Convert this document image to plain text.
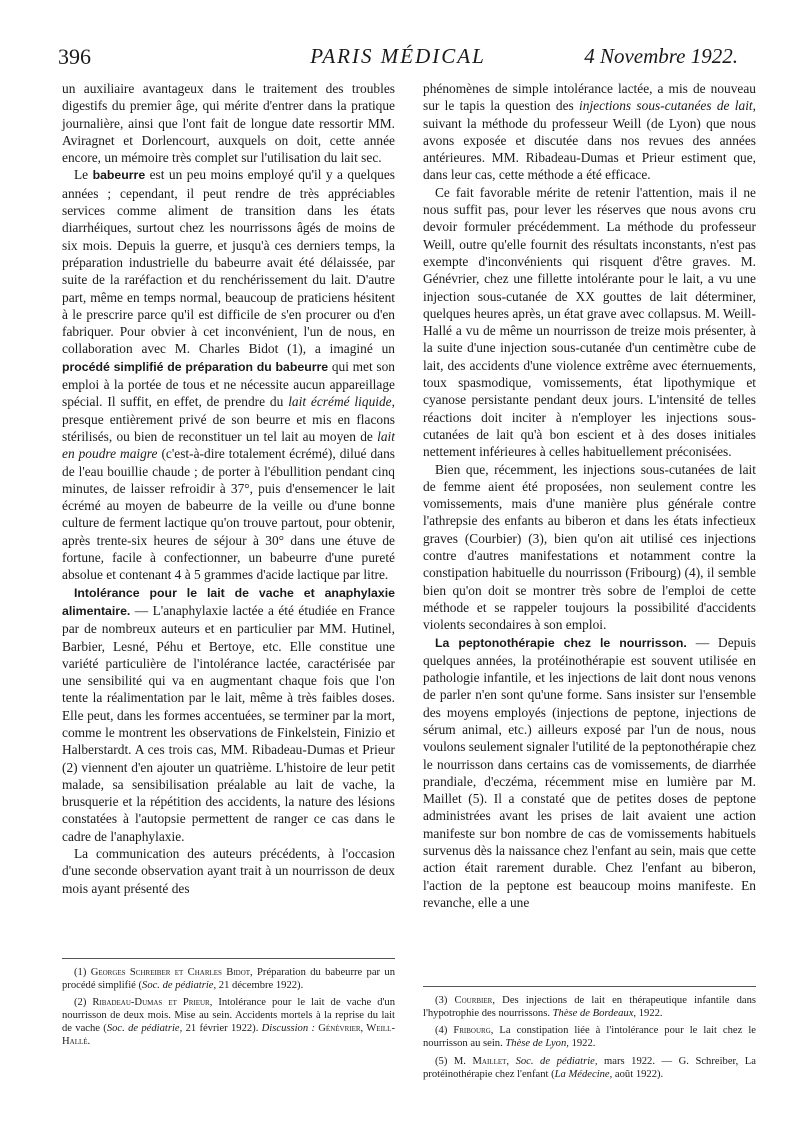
396	PARIS MÉDICAL	4 Novembre 1922.

un auxiliaire avantageux dans le traitement des troubles digestifs du premier âge, qui mérite d'entrer dans la pratique journalière, ainsi que l'ont fait de longue date ressortir MM. Aviragnet et Dorlencourt, auxquels on doit, cette année encore, un mémoire très complet sur l'utilisation du lait sec.

Le babeurre est un peu moins employé qu'il y a quelques années ; cependant, il peut rendre de très appréciables services comme aliment de transition dans les états diarrhéiques, surtout chez les nourrissons âgés de moins de six mois. Depuis la guerre, et jusqu'à ces derniers temps, la préparation industrielle du babeurre avait été délaissée, par suite de la raréfaction et du renchérissement du lait. D'autre part, même en temps normal, beaucoup de praticiens hésitent à le prescrire parce qu'il est difficile de s'en procurer ou d'en fabriquer. Pour obvier à cet inconvénient, l'un de nous, en collaboration avec M. Charles Bidot (1), a imaginé un procédé simplifié de préparation du babeurre qui met son emploi à la portée de tous et ne nécessite aucun appareillage spécial. Il suffit, en effet, de prendre du lait écrémé liquide, presque entièrement privé de son beurre et mis en flacons stérilisés, ou bien de reconstituer un tel lait au moyen de lait en poudre maigre (c'est-à-dire totalement écrémé), dilué dans de l'eau bouillie chaude ; de porter à l'ébullition pendant cinq minutes, de laisser refroidir à 37°, puis d'ensemencer le lait écrémé au moyen de babeurre de la veille ou d'une bonne culture de ferment lactique qu'on trouve partout, pour obtenir, après trente-six heures de séjour à 30° dans une étuve de fortune, facile à confectionner, un babeurre d'une pureté absolue et contenant 4 à 5 grammes d'acide lactique par litre.

Intolérance pour le lait de vache et anaphylaxie alimentaire. — L'anaphylaxie lactée a été étudiée en France par de nombreux auteurs et en particulier par MM. Hutinel, Barbier, Lesné, Péhu et Bertoye, etc. Elle constitue une variété particulière de l'intolérance lactée, caractérisée par une sensibilité qui va en augmentant chaque fois que l'on tente la réalimentation par le lait, même à très faibles doses. Elle peut, dans les formes accentuées, se terminer par la mort, comme le montrent les observations de Finkelstein, Finizio et Halberstardt. A ces trois cas, MM. Ribadeau-Dumas et Prieur (2) viennent d'en ajouter un quatrième. L'histoire de leur petit malade, sa sensibilisation préalable au lait de vache, la brusquerie et la répétition des accidents, la nature des lésions constatées à l'autopsie permettent de ranger ce cas dans le cadre de l'anaphylaxie.

La communication des auteurs précédents, à l'occasion d'une seconde observation ayant trait à un nourrisson de deux mois ayant présenté des

phénomènes de simple intolérance lactée, a mis de nouveau sur le tapis la question des injections sous-cutanées de lait, suivant la méthode du professeur Weill (de Lyon) que nous avons exposée et discutée dans nos revues des années antérieures. MM. Ribadeau-Dumas et Prieur estiment que, dans leur cas, cette méthode a été efficace.

Ce fait favorable mérite de retenir l'attention, mais il ne nous suffit pas, pour lever les réserves que nous avons cru devoir formuler précédemment. La méthode du professeur Weill, outre qu'elle fournit des résultats inconstants, n'est pas exempte d'inconvénients qui risquent d'être graves. M. Génévrier, chez une fillette intolérante pour le lait, a vu une injection sous-cutanée de XX gouttes de lait déterminer, quelques heures après, un état grave avec collapsus. M. Weill-Hallé a vu de même un nourrisson de treize mois présenter, à la suite d'une injection sous-cutanée d'un centimètre cube de lait, des accidents d'une violence extrême avec éternuements, toux spasmodique, vomissements, état lipothymique et cyanose persistante pendant deux jours. L'intensité de telles réactions doit inciter à n'employer les injections sous-cutanées de lait qu'à bon escient et à des doses initiales nettement inférieures à celles habituellement préconisées.

Bien que, récemment, les injections sous-cutanées de lait de femme aient été proposées, non seulement contre les vomissements, mais d'une manière plus générale contre l'athrepsie des enfants au biberon et dans les états infectieux graves (Courbier) (3), bien qu'on ait utilisé ces injections contre d'autres manifestations et notamment contre la constipation habituelle du nourrisson (Fribourg) (4), il semble bien qu'on doit se montrer très sobre de l'emploi de cette méthode et se rappeler toujours la possibilité d'accidents violents secondaires à son emploi.

La peptonothérapie chez le nourrisson. — Depuis quelques années, la protéinothérapie est souvent utilisée en pathologie infantile, et les injections de lait dont nous venons de parler n'en sont qu'une forme. Sans insister sur l'ensemble des moyens employés (injections de peptone, injections de sérum animal, etc.) ailleurs exposé par l'un de nous, nous voulons seulement signaler l'utilité de la peptonothérapie chez le nourrisson dans certains cas de vomissements, de diarrhée prandiale, d'eczéma, récemment mise en lumière par M. Maillet (5). Il a constaté que de petites doses de peptone administrées avant les prises de lait avaient une action manifeste sur bon nombre de cas de vomissements habituels survenus dès la naissance chez l'enfant au sein, mais que cette action était rarement durable. Chez l'enfant au biberon, l'action de la peptone est beaucoup moins manifeste. En revanche, elle a une

(1) Georges Schreiber et Charles Bidot, Préparation du babeurre par un procédé simplifié (Soc. de pédiatrie, 21 décembre 1922).

(2) Ribadeau-Dumas et Prieur, Intolérance pour le lait de vache d'un nourrisson de deux mois. Mise au sein. Accidents mortels à la reprise du lait de vache (Soc. de pédiatrie, 21 février 1922). Discussion : Génévrier, Weill-Hallé.

(3) Courbier, Des injections de lait en thérapeutique infantile dans l'hypotrophie des nourrissons. Thèse de Bordeaux, 1922.

(4) Fribourg, La constipation liée à l'intolérance pour le lait chez le nourrisson au sein. Thèse de Lyon, 1922.

(5) M. Maillet, Soc. de pédiatrie, mars 1922. — G. Schreiber, La protéinothérapie chez l'enfant (La Médecine, août 1922).
